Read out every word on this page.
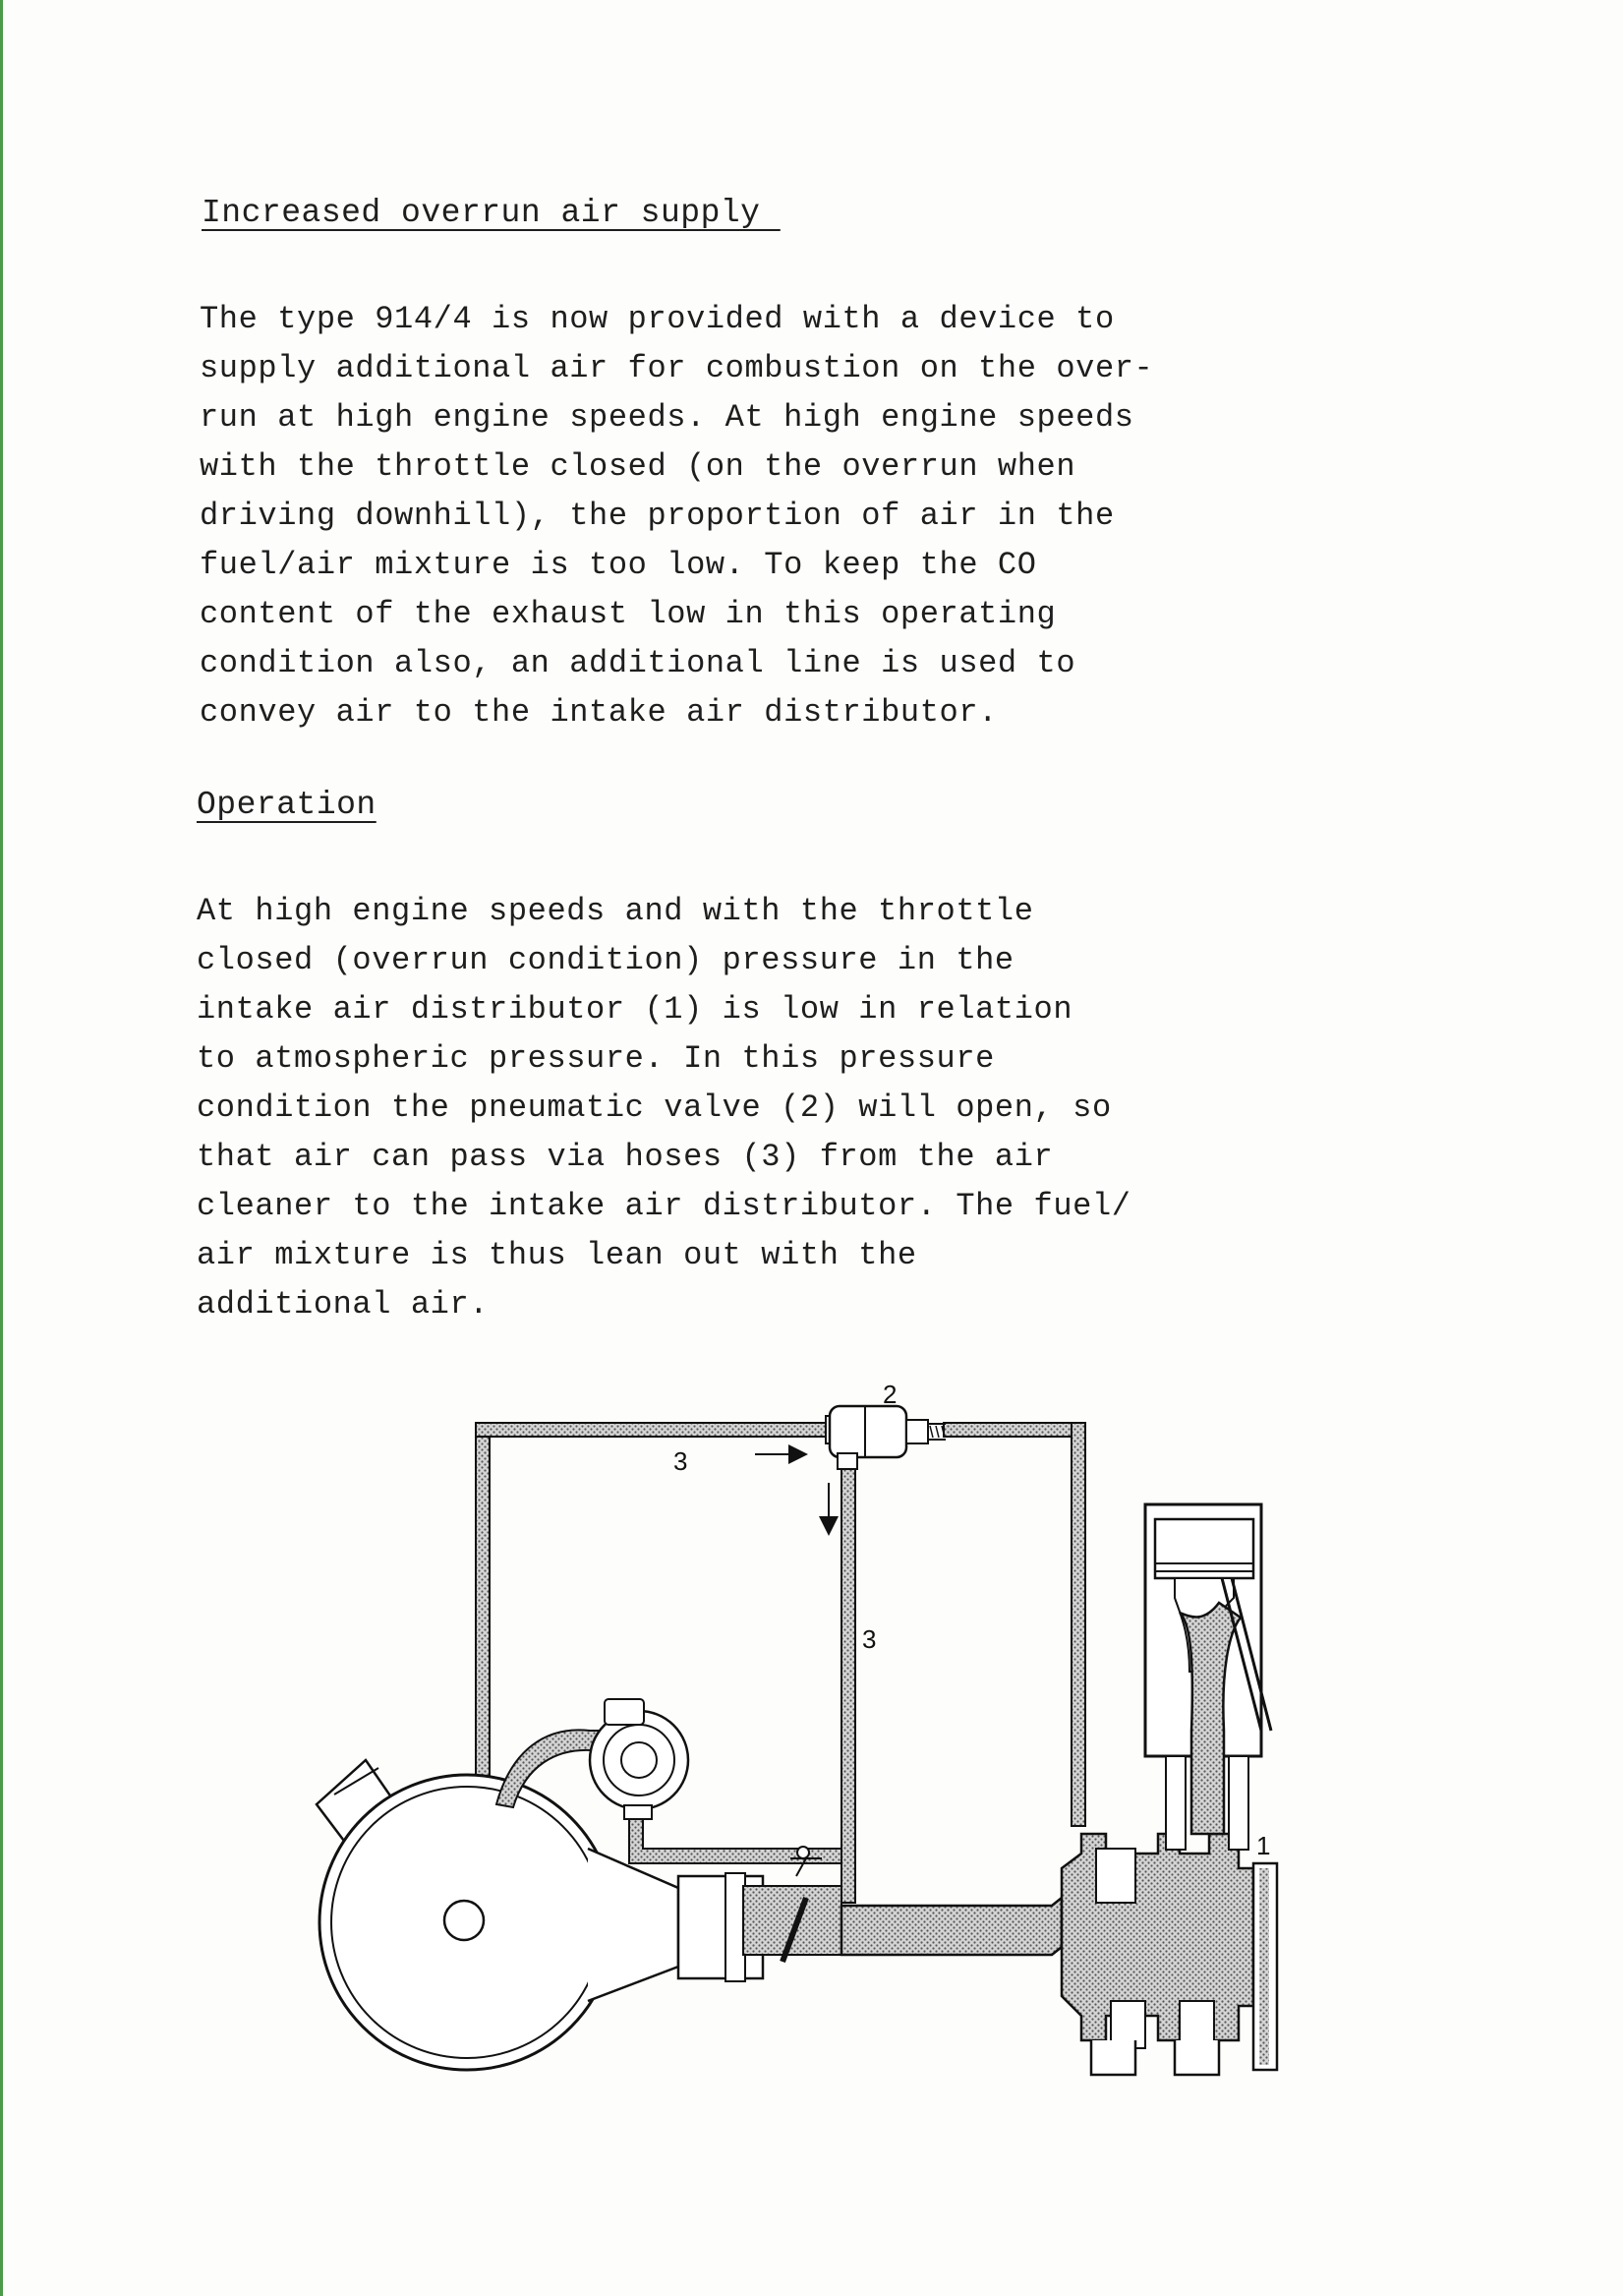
Increased overrun air supply
The type 914/4 is now provided with a device to
supply additional air for combustion on the over-
run at high engine speeds. At high engine speeds
with the throttle closed (on the overrun when
driving downhill), the proportion of air in the
fuel/air mixture is too low. To keep the CO
content of the exhaust low in this operating
condition also, an additional line is used to
convey air to the intake air distributor.
Operation
At high engine speeds and with the throttle
closed (overrun condition) pressure in the
intake air distributor (1) is low in relation
to atmospheric pressure. In this pressure
condition the pneumatic valve (2) will open, so
that air can pass via hoses (3) from the air
cleaner to the intake air distributor. The fuel/
air mixture is thus lean out with the
additional air.
2
3
3
1
